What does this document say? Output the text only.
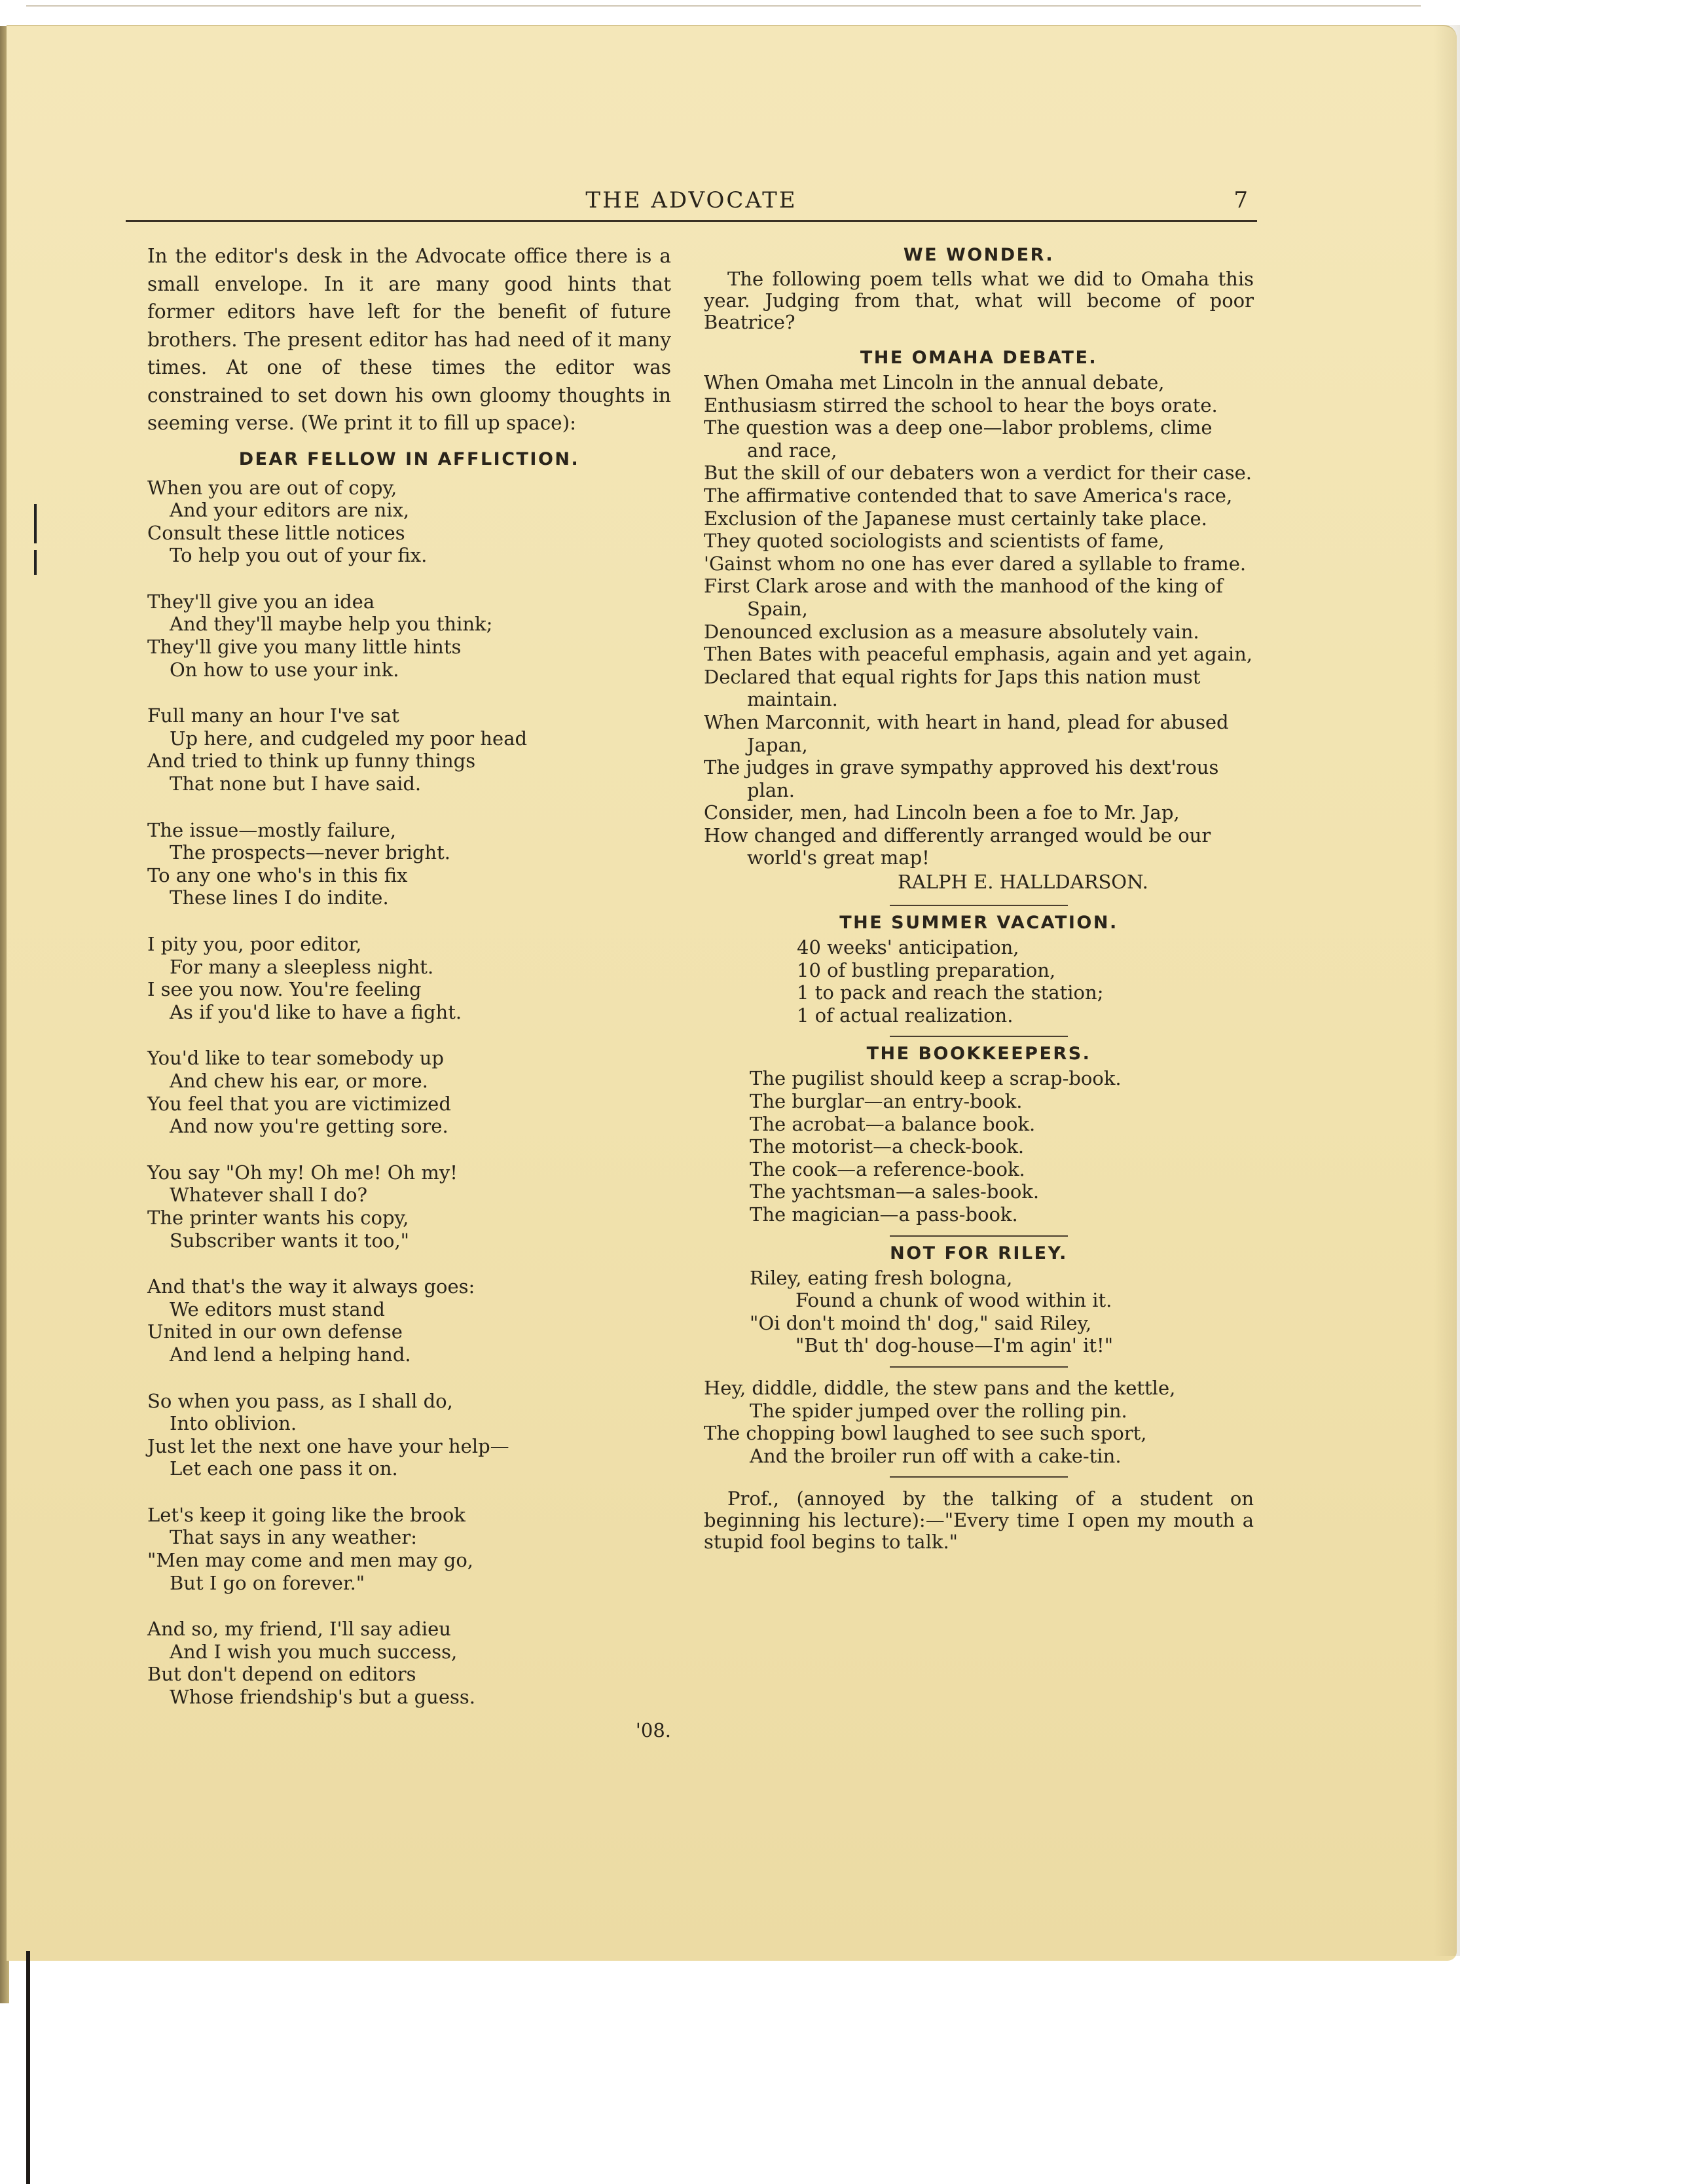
THE ADVOCATE	7

In the editor's desk in the Advocate office there is a small envelope. In it are many good hints that former editors have left for the benefit of future brothers. The present editor has had need of it many times. At one of these times the editor was constrained to set down his own gloomy thoughts in seeming verse. (We print it to fill up space):

DEAR FELLOW IN AFFLICTION.
When you are out of copy,
And your editors are nix,
Consult these little notices
To help you out of your fix.
They'll give you an idea
And they'll maybe help you think;
They'll give you many little hints
On how to use your ink.
Full many an hour I've sat
Up here, and cudgeled my poor head
And tried to think up funny things
That none but I have said.
The issue—mostly failure,
The prospects—never bright.
To any one who's in this fix
These lines I do indite.
I pity you, poor editor,
For many a sleepless night.
I see you now. You're feeling
As if you'd like to have a fight.
You'd like to tear somebody up
And chew his ear, or more.
You feel that you are victimized
And now you're getting sore.
You say "Oh my! Oh me! Oh my!
Whatever shall I do?
The printer wants his copy,
Subscriber wants it too,"
And that's the way it always goes:
We editors must stand
United in our own defense
And lend a helping hand.
So when you pass, as I shall do,
Into oblivion.
Just let the next one have your help—
Let each one pass it on.
Let's keep it going like the brook
That says in any weather:
"Men may come and men may go,
But I go on forever."
And so, my friend, I'll say adieu
And I wish you much success,
But don't depend on editors
Whose friendship's but a guess.
'08.
WE WONDER.

The following poem tells what we did to Omaha this year. Judging from that, what will become of poor Beatrice?

THE OMAHA DEBATE.
When Omaha met Lincoln in the annual debate,
Enthusiasm stirred the school to hear the boys orate.
The question was a deep one—labor problems, clime and race,
But the skill of our debaters won a verdict for their case.
The affirmative contended that to save America's race,
Exclusion of the Japanese must certainly take place.
They quoted sociologists and scientists of fame,
'Gainst whom no one has ever dared a syllable to frame.
First Clark arose and with the manhood of the king of Spain,
Denounced exclusion as a measure absolutely vain.
Then Bates with peaceful emphasis, again and yet again,
Declared that equal rights for Japs this nation must maintain.
When Marconnit, with heart in hand, plead for abused Japan,
The judges in grave sympathy approved his dext'rous plan.
Consider, men, had Lincoln been a foe to Mr. Jap,
How changed and differently arranged would be our world's great map!
RALPH E. HALLDARSON.
THE SUMMER VACATION.
40 weeks' anticipation,
10 of bustling preparation,
1 to pack and reach the station;
1 of actual realization.
THE BOOKKEEPERS.
The pugilist should keep a scrap-book.
The burglar—an entry-book.
The acrobat—a balance book.
The motorist—a check-book.
The cook—a reference-book.
The yachtsman—a sales-book.
The magician—a pass-book.
NOT FOR RILEY.
Riley, eating fresh bologna,
Found a chunk of wood within it.
"Oi don't moind th' dog," said Riley,
"But th' dog-house—I'm agin' it!"
Hey, diddle, diddle, the stew pans and the kettle,
The spider jumped over the rolling pin.
The chopping bowl laughed to see such sport,
And the broiler run off with a cake-tin.

Prof., (annoyed by the talking of a student on beginning his lecture):—"Every time I open my mouth a stupid fool begins to talk."
